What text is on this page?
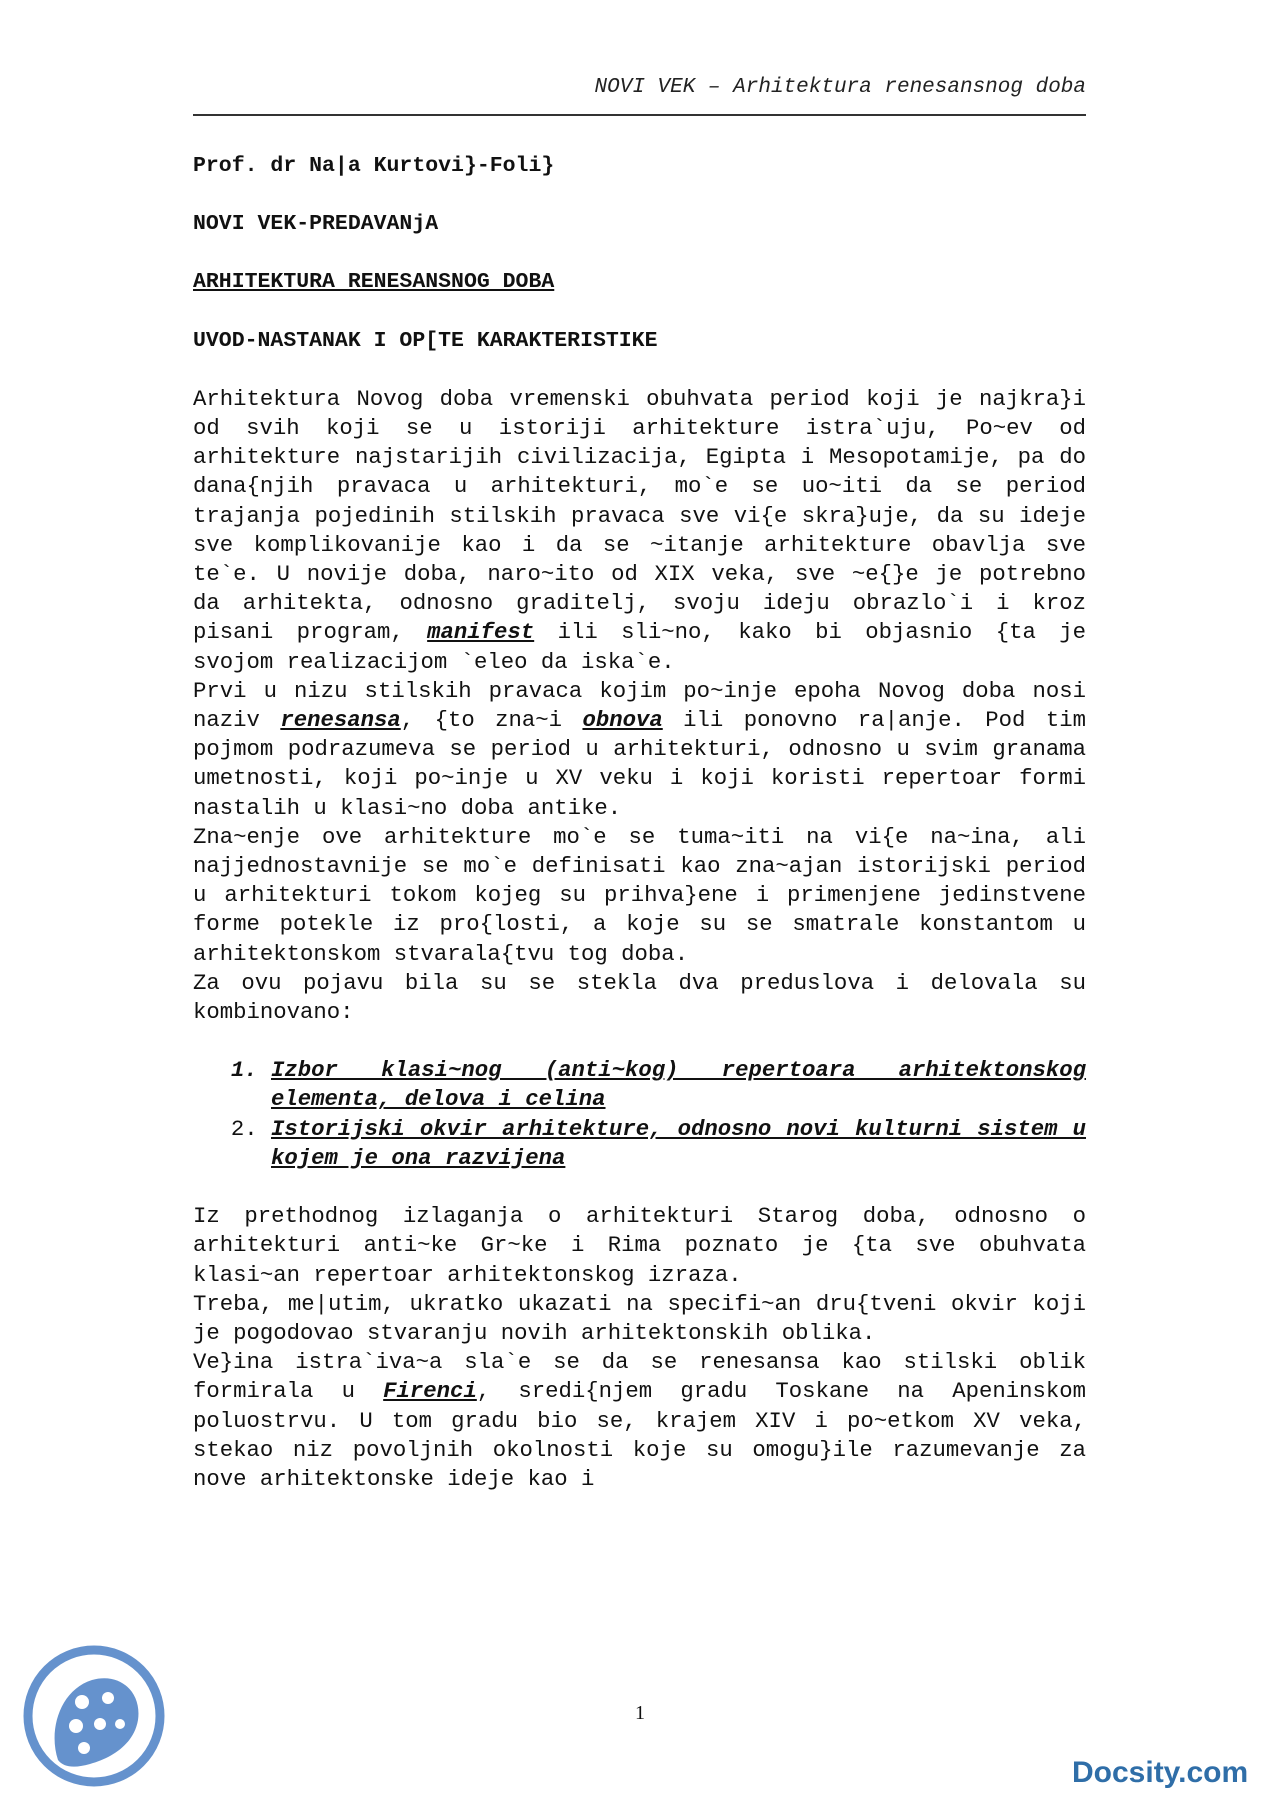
NOVI VEK – Arhitektura renesansnog doba
Prof. dr Na|a Kurtovi}-Foli}
NOVI VEK-PREDAVANjA
ARHITEKTURA RENESANSNOG DOBA
UVOD-NASTANAK I OP[TE KARAKTERISTIKE

Arhitektura Novog doba vremenski obuhvata period koji je najkra}i od svih koji se u istoriji arhitekture istra`uju, Po~ev od arhitekture najstarijih civilizacija, Egipta i Mesopotamije, pa do dana{njih pravaca u arhitekturi, mo`e se uo~iti da se period trajanja pojedinih stilskih pravaca sve vi{e skra}uje, da su ideje sve komplikovanije kao i da se ~itanje arhitekture obavlja sve te`e. U novije doba, naro~ito od XIX veka, sve ~e{}e je potrebno da arhitekta, odnosno graditelj, svoju ideju obrazlo`i i kroz pisani program, manifest ili sli~no, kako bi objasnio {ta je svojom realizacijom `eleo da iska`e.

Prvi u nizu stilskih pravaca kojim po~inje epoha Novog doba nosi naziv renesansa, {to zna~i obnova ili ponovno ra|anje. Pod tim pojmom podrazumeva se period u arhitekturi, odnosno u svim granama umetnosti, koji po~inje u XV veku i koji koristi repertoar formi nastalih u klasi~no doba antike.

Zna~enje ove arhitekture mo`e se tuma~iti na vi{e na~ina, ali najjednostavnije se mo`e definisati kao zna~ajan istorijski period u arhitekturi tokom kojeg su prihva}ene i primenjene jedinstvene forme potekle iz pro{losti, a koje su se smatrale konstantom u arhitektonskom stvarala{tvu tog doba.

Za ovu pojavu bila su se stekla dva preduslova i delovala su kombinovano:

1. Izbor klasi~nog (anti~kog) repertoara arhitektonskog elementa, delova i celina
2. Istorijski okvir arhitekture, odnosno novi kulturni sistem u kojem je ona razvijena

Iz prethodnog izlaganja o arhitekturi Starog doba, odnosno o arhitekturi anti~ke Gr~ke i Rima poznato je {ta sve obuhvata klasi~an repertoar arhitektonskog izraza.

Treba, me|utim, ukratko ukazati na specifi~an dru{tveni okvir koji je pogodovao stvaranju novih arhitektonskih oblika.

Ve}ina istra`iva~a sla`e se da se renesansa kao stilski oblik formirala u Firenci, sredi{njem gradu Toskane na Apeninskom poluostrvu. U tom gradu bio se, krajem XIV i po~etkom XV veka, stekao niz povoljnih okolnosti koje su omogu}ile razumevanje za nove arhitektonske ideje kao i

1
Docsity.com
